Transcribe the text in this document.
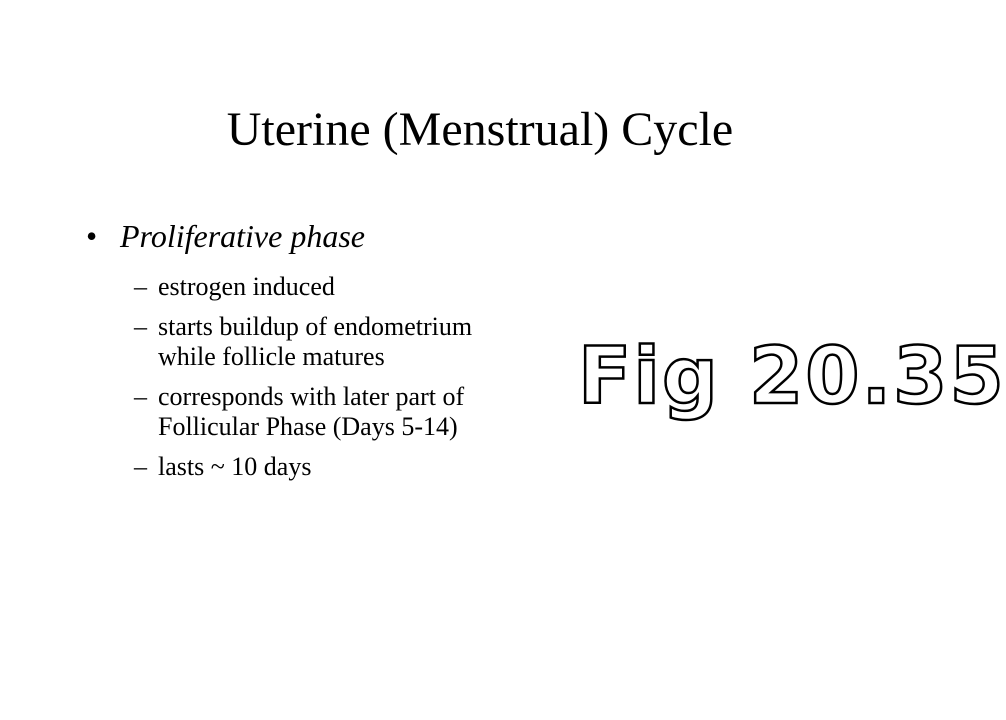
Uterine (Menstrual) Cycle
• Proliferative phase
– estrogen induced
– starts buildup of endometrium while follicle matures
– corresponds with later part of Follicular Phase (Days 5-14)
– lasts ~ 10 days
Fig 20.35
